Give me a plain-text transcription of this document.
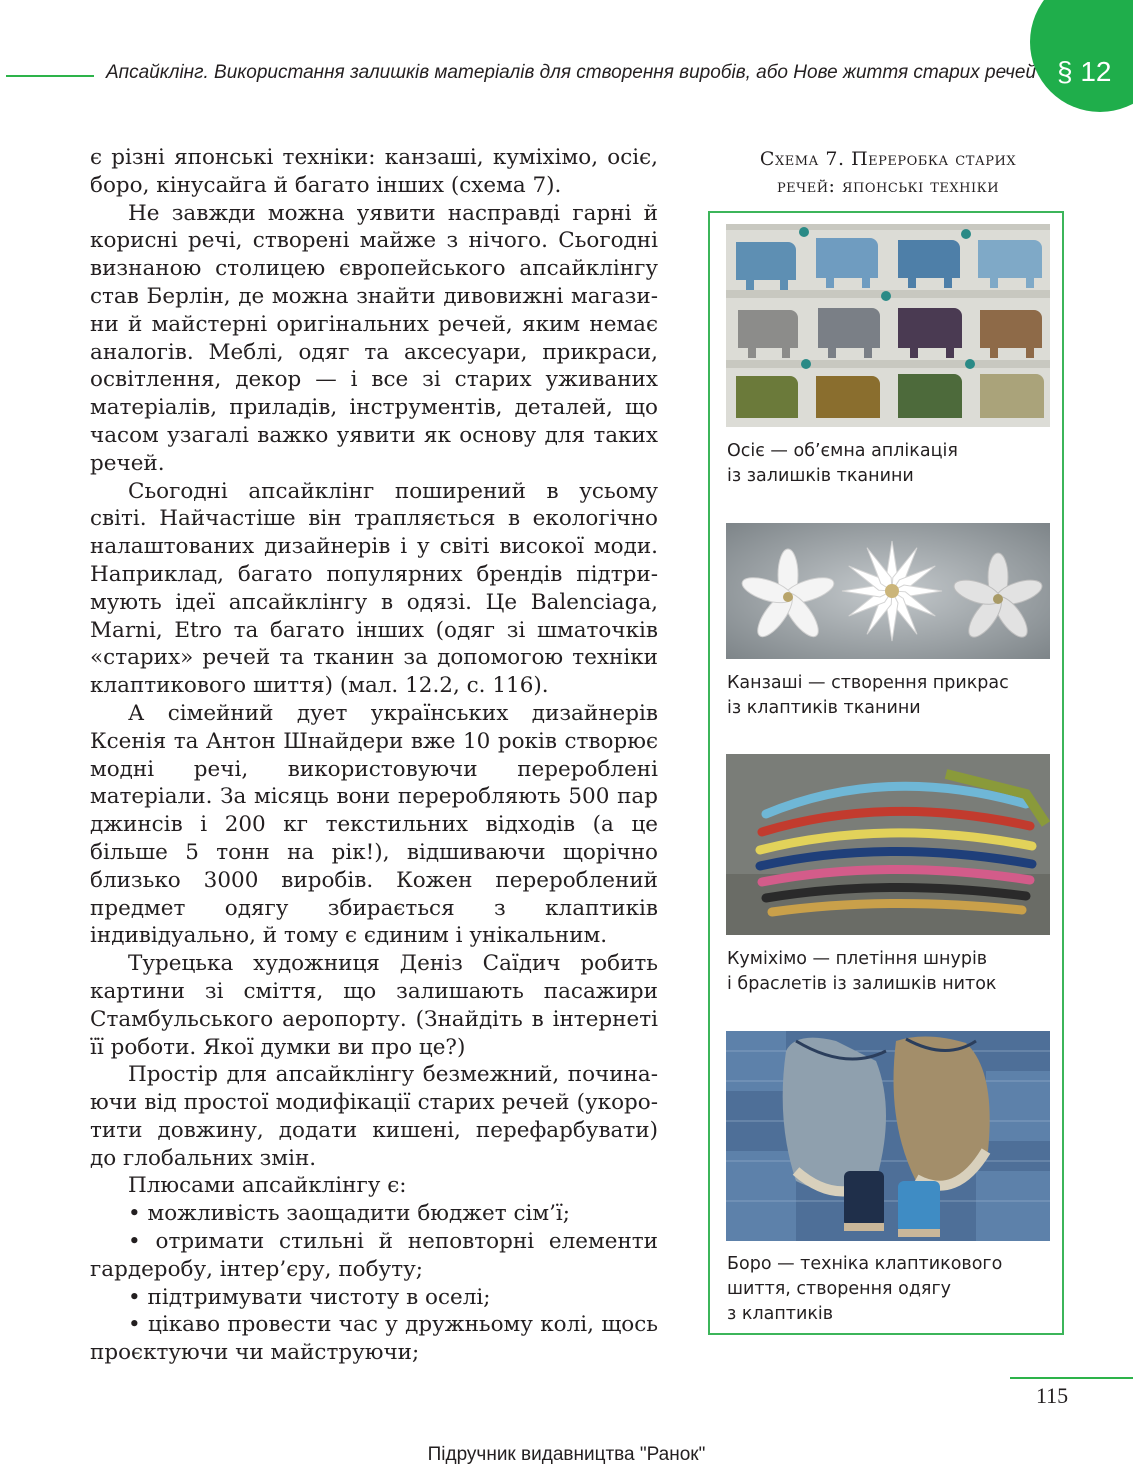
Апсайклінг. Використання залишків матеріалів для створення виробів, або Нове життя старих речей § 12

є різні японські техніки: канзаші, куміхімо, осіє, боро, кінусайга й багато інших (схема 7).

Не завжди можна уявити насправді гарні й корисні речі, створені майже з нічого. Сьогодні визнаною столицею європейського апсайклінгу став Берлін, де можна знайти дивовижні магазини й майстерні оригінальних речей, яким немає аналогів. Меблі, одяг та аксесуари, прикраси, освітлення, декор — і все зі старих уживаних матеріалів, приладів, інструментів, деталей, що часом узагалі важко уявити як основу для таких речей.

Сьогодні апсайклінг поширений в усьому світі. Найчастіше він трапляється в екологічно налаштованих дизайнерів і у світі високої моди. Наприклад, багато популярних брендів підтримують ідеї апсайклінгу в одязі. Це Balenciaga, Marni, Etro та багато інших (одяг зі шматочків «старих» речей та тканин за допомогою техніки клаптикового шиття) (мал. 12.2, с. 116).

А сімейний дует українських дизайнерів Ксенія та Антон Шнайдери вже 10 років створює модні речі, використовуючи перероблені матеріали. За місяць вони переробляють 500 пар джинсів і 200 кг текстильних відходів (а це більше 5 тонн на рік!), відшиваючи щорічно близько 3000 виробів. Кожен перероблений предмет одягу збирається з клаптиків індивідуально, й тому є єдиним і унікальним.

Турецька художниця Деніз Саїдич робить картини зі сміття, що залишають пасажири Стамбульського аеропорту. (Знайдіть в інтернеті її роботи. Якої думки ви про це?)

Простір для апсайклінгу безмежний, починаючи від простої модифікації старих речей (укоротити довжину, додати кишені, перефарбувати) до глобальних змін.

Плюсами апсайклінгу є:

• можливість заощадити бюджет сім’ї;

• отримати стильні й неповторні елементи гардеробу, інтер’єру, побуту;

• підтримувати чистоту в оселі;

• цікаво провести час у дружньому колі, щось проєктуючи чи майструючи;

Схема 7. Переробка старих
речей: японські техніки
Осіє — об’ємна аплікація
із залишків тканини
Канзаші — створення прикрас
із клаптиків тканини
Куміхімо — плетіння шнурів
і браслетів із залишків ниток
Боро — техніка клаптикового
шиття, створення одягу
з клаптиків
115
Підручник видавництва "Ранок"
